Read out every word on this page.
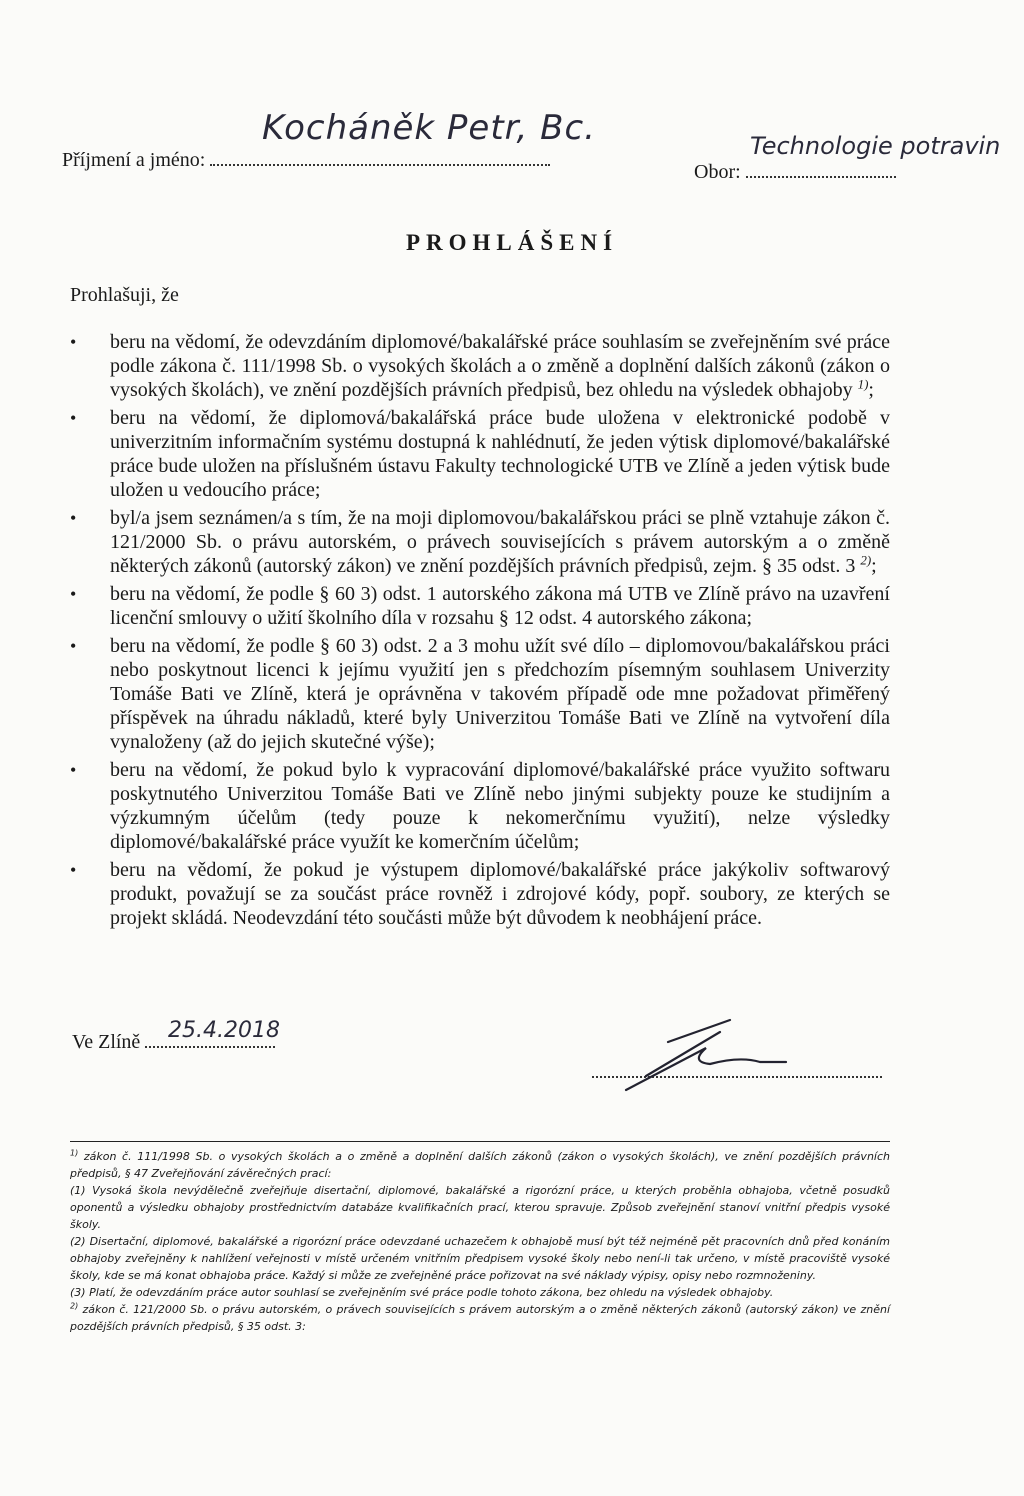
Příjmení a jméno:
Kocháněk Petr, Bc.
Obor:
Technologie potravin
PROHLÁŠENÍ
Prohlašuji, že
• beru na vědomí, že odevzdáním diplomové/bakalářské práce souhlasím se zveřejněním své práce podle zákona č. 111/1998 Sb. o vysokých školách a o změně a doplnění dalších zákonů (zákon o vysokých školách), ve znění pozdějších právních předpisů, bez ohledu na výsledek obhajoby $^{1)}$;
• beru na vědomí, že diplomová/bakalářská práce bude uložena v elektronické podobě v univerzitním informačním systému dostupná k nahlédnutí, že jeden výtisk diplomové/bakalářské práce bude uložen na příslušném ústavu Fakulty technologické UTB ve Zlíně a jeden výtisk bude uložen u vedoucího práce;
• byl/a jsem seznámen/a s tím, že na moji diplomovou/bakalářskou práci se plně vztahuje zákon č. 121/2000 Sb. o právu autorském, o právech souvisejících s právem autorským a o změně některých zákonů (autorský zákon) ve znění pozdějších právních předpisů, zejm. § 35 odst. 3 $^{2)}$;
• beru na vědomí, že podle § 60 3) odst. 1 autorského zákona má UTB ve Zlíně právo na uzavření licenční smlouvy o užití školního díla v rozsahu § 12 odst. 4 autorského zákona;
• beru na vědomí, že podle § 60 3) odst. 2 a 3 mohu užít své dílo – diplomovou/bakalářskou práci nebo poskytnout licenci k jejímu využití jen s předchozím písemným souhlasem Univerzity Tomáše Bati ve Zlíně, která je oprávněna v takovém případě ode mne požadovat přiměřený příspěvek na úhradu nákladů, které byly Univerzitou Tomáše Bati ve Zlíně na vytvoření díla vynaloženy (až do jejich skutečné výše);
• beru na vědomí, že pokud bylo k vypracování diplomové/bakalářské práce využito softwaru poskytnutého Univerzitou Tomáše Bati ve Zlíně nebo jinými subjekty pouze ke studijním a výzkumným účelům (tedy pouze k nekomerčnímu využití), nelze výsledky diplomové/bakalářské práce využít ke komerčním účelům;
• beru na vědomí, že pokud je výstupem diplomové/bakalářské práce jakýkoliv softwarový produkt, považují se za součást práce rovněž i zdrojové kódy, popř. soubory, ze kterých se projekt skládá. Neodevzdání této součásti může být důvodem k neobhájení práce.
Ve Zlíně	25.4.2018

$^{1)}$ zákon č. 111/1998 Sb. o vysokých školách a o změně a doplnění dalších zákonů (zákon o vysokých školách), ve znění pozdějších právních předpisů, § 47 Zveřejňování závěrečných prací:

(1) Vysoká škola nevýdělečně zveřejňuje disertační, diplomové, bakalářské a rigorózní práce, u kterých proběhla obhajoba, včetně posudků oponentů a výsledku obhajoby prostřednictvím databáze kvalifikačních prací, kterou spravuje. Způsob zveřejnění stanoví vnitřní předpis vysoké školy.

(2) Disertační, diplomové, bakalářské a rigorózní práce odevzdané uchazečem k obhajobě musí být též nejméně pět pracovních dnů před konáním obhajoby zveřejněny k nahlížení veřejnosti v místě určeném vnitřním předpisem vysoké školy nebo není-li tak určeno, v místě pracoviště vysoké školy, kde se má konat obhajoba práce. Každý si může ze zveřejněné práce pořizovat na své náklady výpisy, opisy nebo rozmnoženiny.

(3) Platí, že odevzdáním práce autor souhlasí se zveřejněním své práce podle tohoto zákona, bez ohledu na výsledek obhajoby.

$^{2)}$ zákon č. 121/2000 Sb. o právu autorském, o právech souvisejících s právem autorským a o změně některých zákonů (autorský zákon) ve znění pozdějších právních předpisů, § 35 odst. 3:
